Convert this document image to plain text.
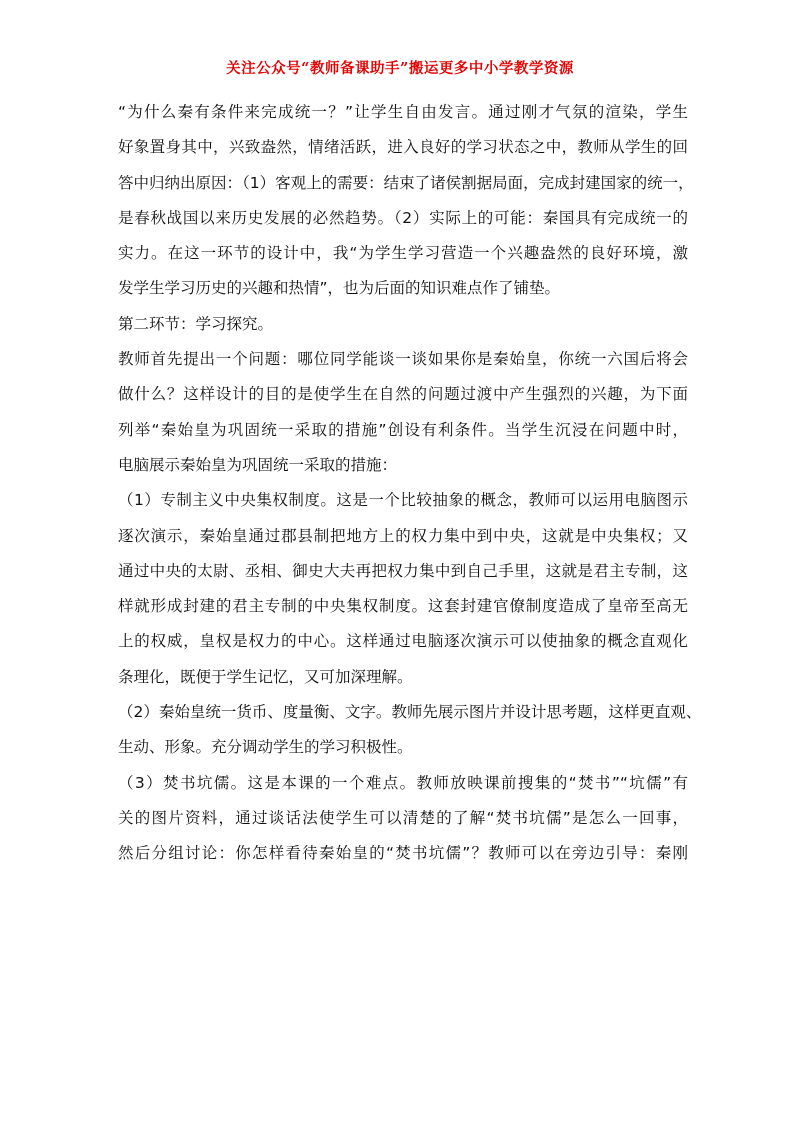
关注公众号“教师备课助手”搬运更多中小学教学资源
“为什么秦有条件来完成统一？”让学生自由发言。通过刚才气氛的渲染，学生
好象置身其中，兴致盎然，情绪活跃，进入良好的学习状态之中，教师从学生的回
答中归纳出原因：（1）客观上的需要：结束了诸侯割据局面，完成封建国家的统一，
是春秋战国以来历史发展的必然趋势。（2）实际上的可能：秦国具有完成统一的
实力。在这一环节的设计中，我“为学生学习营造一个兴趣盎然的良好环境，激
发学生学习历史的兴趣和热情”，也为后面的知识难点作了铺垫。
第二环节：学习探究。
教师首先提出一个问题：哪位同学能谈一谈如果你是秦始皇，你统一六国后将会
做什么？这样设计的目的是使学生在自然的问题过渡中产生强烈的兴趣，为下面
列举“秦始皇为巩固统一采取的措施”创设有利条件。当学生沉浸在问题中时，
电脑展示秦始皇为巩固统一采取的措施：
（1）专制主义中央集权制度。这是一个比较抽象的概念，教师可以运用电脑图示
逐次演示，秦始皇通过郡县制把地方上的权力集中到中央，这就是中央集权；又
通过中央的太尉、丞相、御史大夫再把权力集中到自己手里，这就是君主专制，这
样就形成封建的君主专制的中央集权制度。这套封建官僚制度造成了皇帝至高无
上的权威，皇权是权力的中心。这样通过电脑逐次演示可以使抽象的概念直观化
条理化，既便于学生记忆，又可加深理解。
（2）秦始皇统一货币、度量衡、文字。教师先展示图片并设计思考题，这样更直观、
生动、形象。充分调动学生的学习积极性。
（3）焚书坑儒。这是本课的一个难点。教师放映课前搜集的“焚书”“坑儒”有
关的图片资料，通过谈话法使学生可以清楚的了解“焚书坑儒”是怎么一回事，
然后分组讨论：你怎样看待秦始皇的“焚书坑儒”？教师可以在旁边引导：秦刚
